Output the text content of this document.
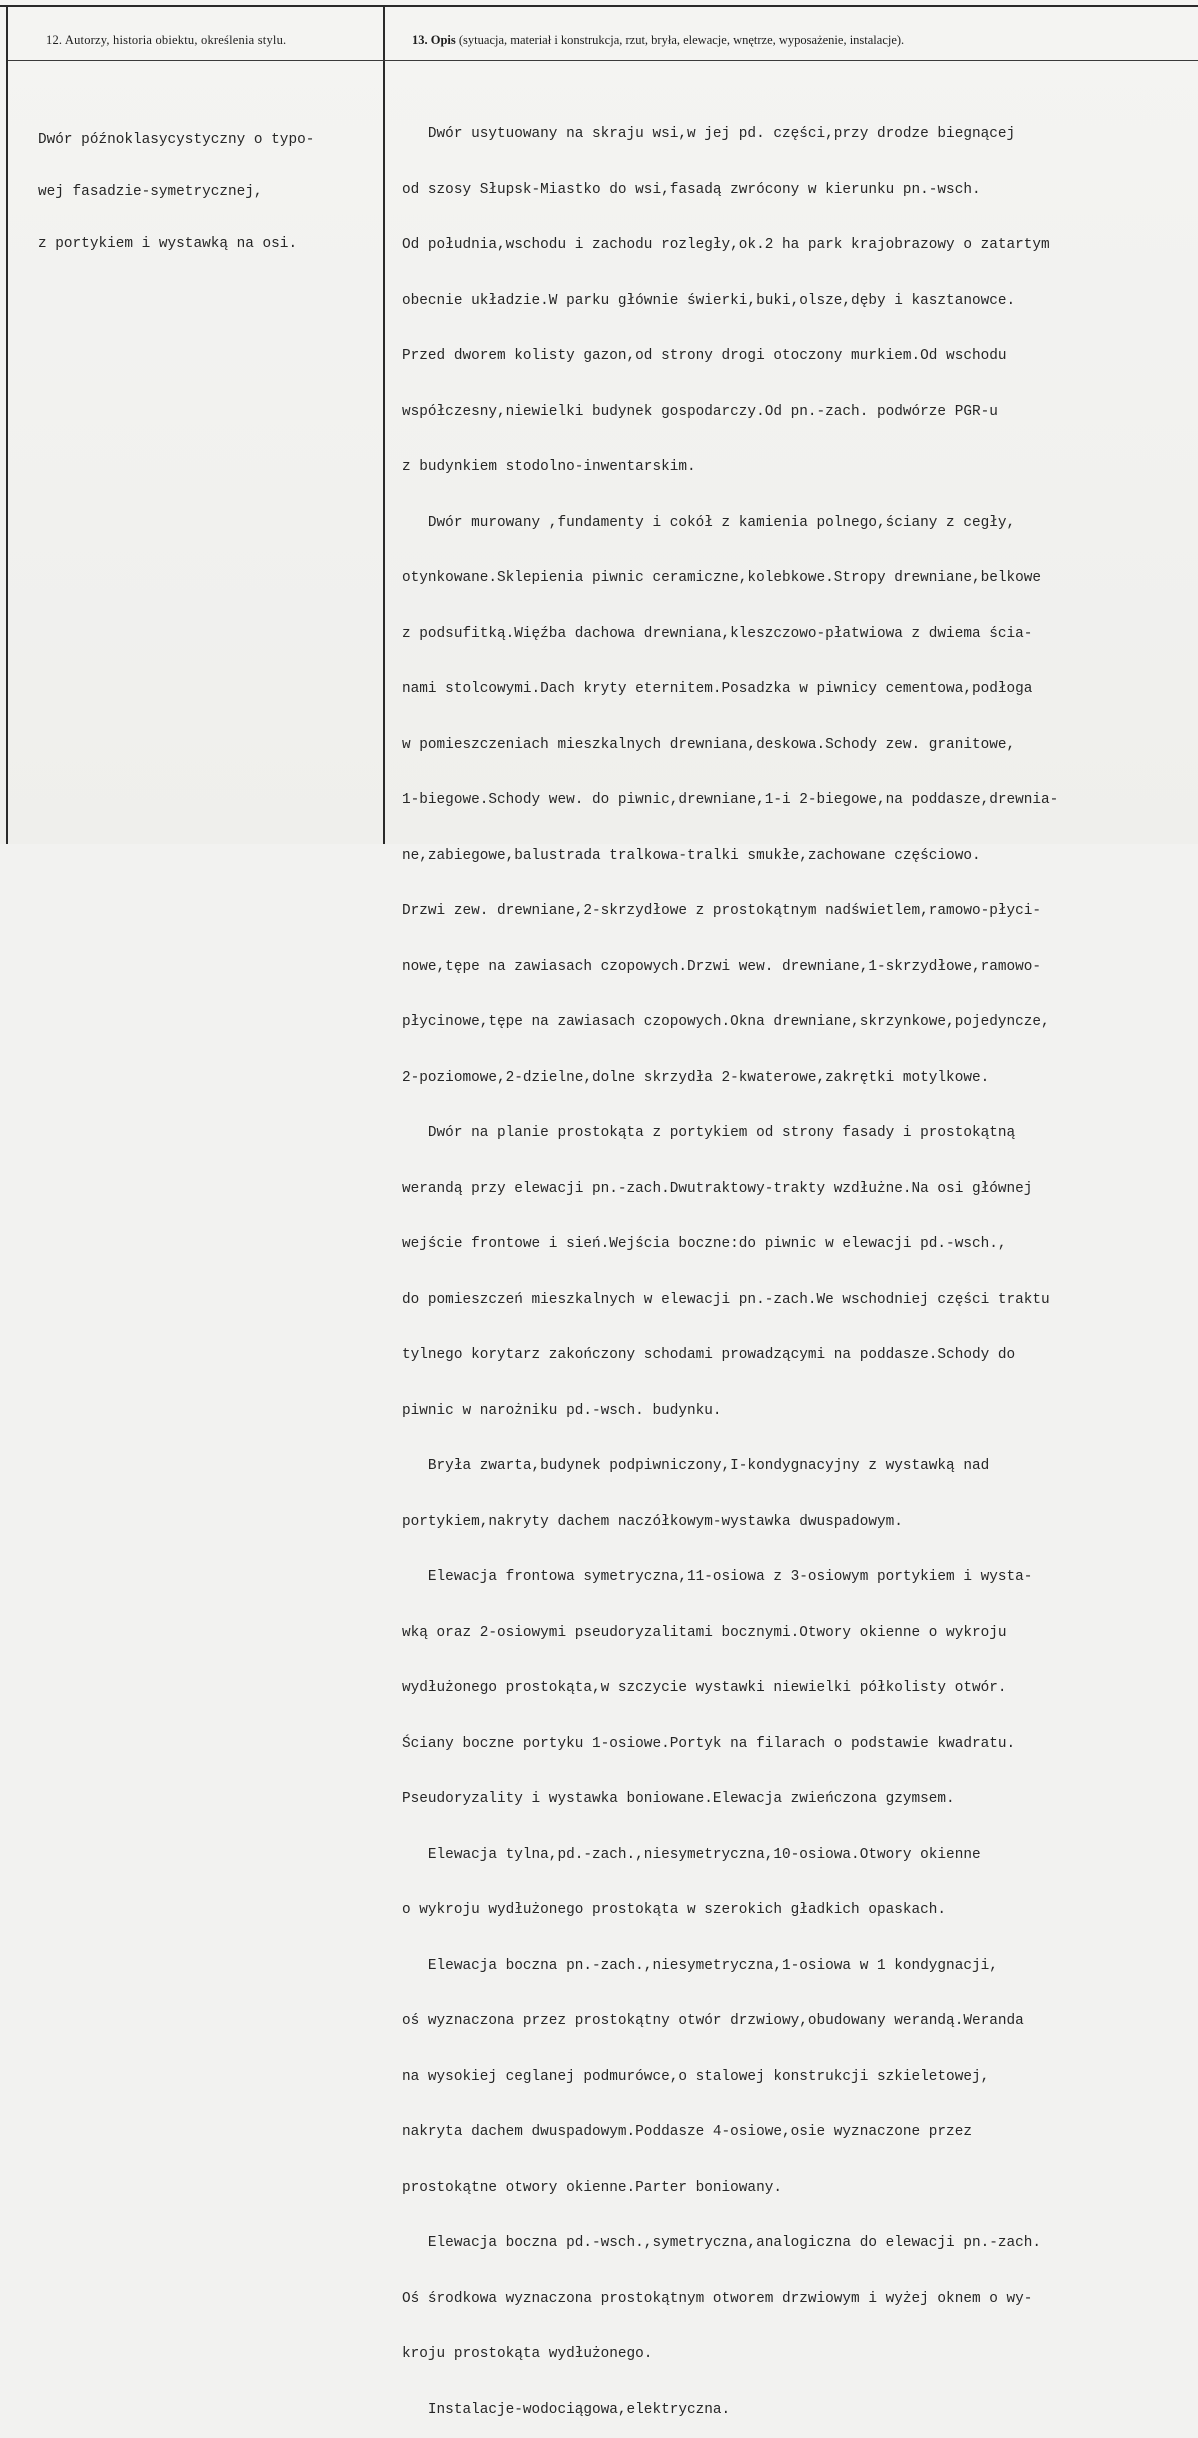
12. Autorzy, historia obiektu, określenia stylu.	13. Opis (sytuacja, materiał i konstrukcja, rzut, bryła, elewacje, wnętrze, wyposażenie, instalacje).

Dwór późnoklasycystyczny o typo-

wej fasadzie-symetrycznej,

z portykiem i wystawką na osi.

Dwór usytuowany na skraju wsi,w jej pd. części,przy drodze biegnącej

od szosy Słupsk-Miastko do wsi,fasadą zwrócony w kierunku pn.-wsch.

Od południa,wschodu i zachodu rozległy,ok.2 ha park krajobrazowy o zatartym

obecnie układzie.W parku głównie świerki,buki,olsze,dęby i kasztanowce.

Przed dworem kolisty gazon,od strony drogi otoczony murkiem.Od wschodu

współczesny,niewielki budynek gospodarczy.Od pn.-zach. podwórze PGR-u

z budynkiem stodolno-inwentarskim.

Dwór murowany ,fundamenty i cokół z kamienia polnego,ściany z cegły,

otynkowane.Sklepienia piwnic ceramiczne,kolebkowe.Stropy drewniane,belkowe

z podsufitką.Więźba dachowa drewniana,kleszczowo-płatwiowa z dwiema ścia-

nami stolcowymi.Dach kryty eternitem.Posadzka w piwnicy cementowa,podłoga

w pomieszczeniach mieszkalnych drewniana,deskowa.Schody zew. granitowe,

1-biegowe.Schody wew. do piwnic,drewniane,1-i 2-biegowe,na poddasze,drewnia-

ne,zabiegowe,balustrada tralkowa-tralki smukłe,zachowane częściowo.

Drzwi zew. drewniane,2-skrzydłowe z prostokątnym nadświetlem,ramowo-płyci-

nowe,tępe na zawiasach czopowych.Drzwi wew. drewniane,1-skrzydłowe,ramowo-

płycinowe,tępe na zawiasach czopowych.Okna drewniane,skrzynkowe,pojedyncze,

2-poziomowe,2-dzielne,dolne skrzydła 2-kwaterowe,zakrętki motylkowe.

Dwór na planie prostokąta z portykiem od strony fasady i prostokątną

werandą przy elewacji pn.-zach.Dwutraktowy-trakty wzdłużne.Na osi głównej

wejście frontowe i sień.Wejścia boczne:do piwnic w elewacji pd.-wsch.,

do pomieszczeń mieszkalnych w elewacji pn.-zach.We wschodniej części traktu

tylnego korytarz zakończony schodami prowadzącymi na poddasze.Schody do

piwnic w narożniku pd.-wsch. budynku.

Bryła zwarta,budynek podpiwniczony,I-kondygnacyjny z wystawką nad

portykiem,nakryty dachem naczółkowym-wystawka dwuspadowym.

Elewacja frontowa symetryczna,11-osiowa z 3-osiowym portykiem i wysta-

wką oraz 2-osiowymi pseudoryzalitami bocznymi.Otwory okienne o wykroju

wydłużonego prostokąta,w szczycie wystawki niewielki półkolisty otwór.

Ściany boczne portyku 1-osiowe.Portyk na filarach o podstawie kwadratu.

Pseudoryzality i wystawka boniowane.Elewacja zwieńczona gzymsem.

Elewacja tylna,pd.-zach.,niesymetryczna,10-osiowa.Otwory okienne

o wykroju wydłużonego prostokąta w szerokich gładkich opaskach.

Elewacja boczna pn.-zach.,niesymetryczna,1-osiowa w 1 kondygnacji,

oś wyznaczona przez prostokątny otwór drzwiowy,obudowany werandą.Weranda

na wysokiej ceglanej podmurówce,o stalowej konstrukcji szkieletowej,

nakryta dachem dwuspadowym.Poddasze 4-osiowe,osie wyznaczone przez

prostokątne otwory okienne.Parter boniowany.

Elewacja boczna pd.-wsch.,symetryczna,analogiczna do elewacji pn.-zach.

Oś środkowa wyznaczona prostokątnym otworem drzwiowym i wyżej oknem o wy-

kroju prostokąta wydłużonego.

Instalacje-wodociągowa,elektryczna.
